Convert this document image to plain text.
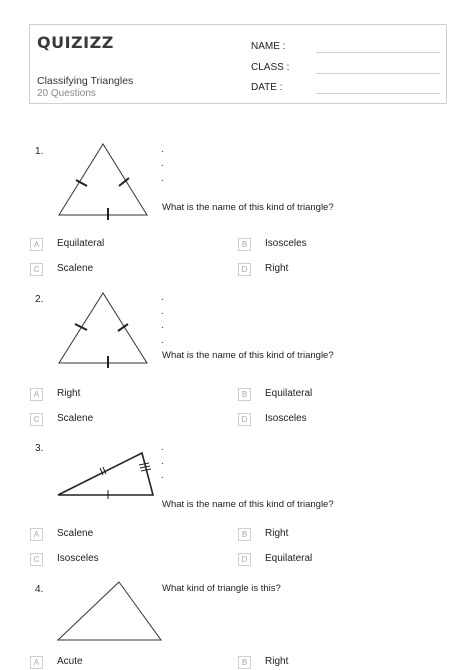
QUIZIZZ
Classifying Triangles
20 Questions
NAME :
CLASS :
DATE :
1.	.
.
.
What is the name of this kind of triangle?
A	Equilateral	B	Isosceles
C	Scalene	D	Right
2.	.
.
.
.
What is the name of this kind of triangle?
A	Right	B	Equilateral
C	Scalene	D	Isosceles
3.	.
.
.
What is the name of this kind of triangle?
A	Scalene	B	Right
C	Isosceles	D	Equilateral
4.	What kind of triangle is this?
A	Acute	B	Right
